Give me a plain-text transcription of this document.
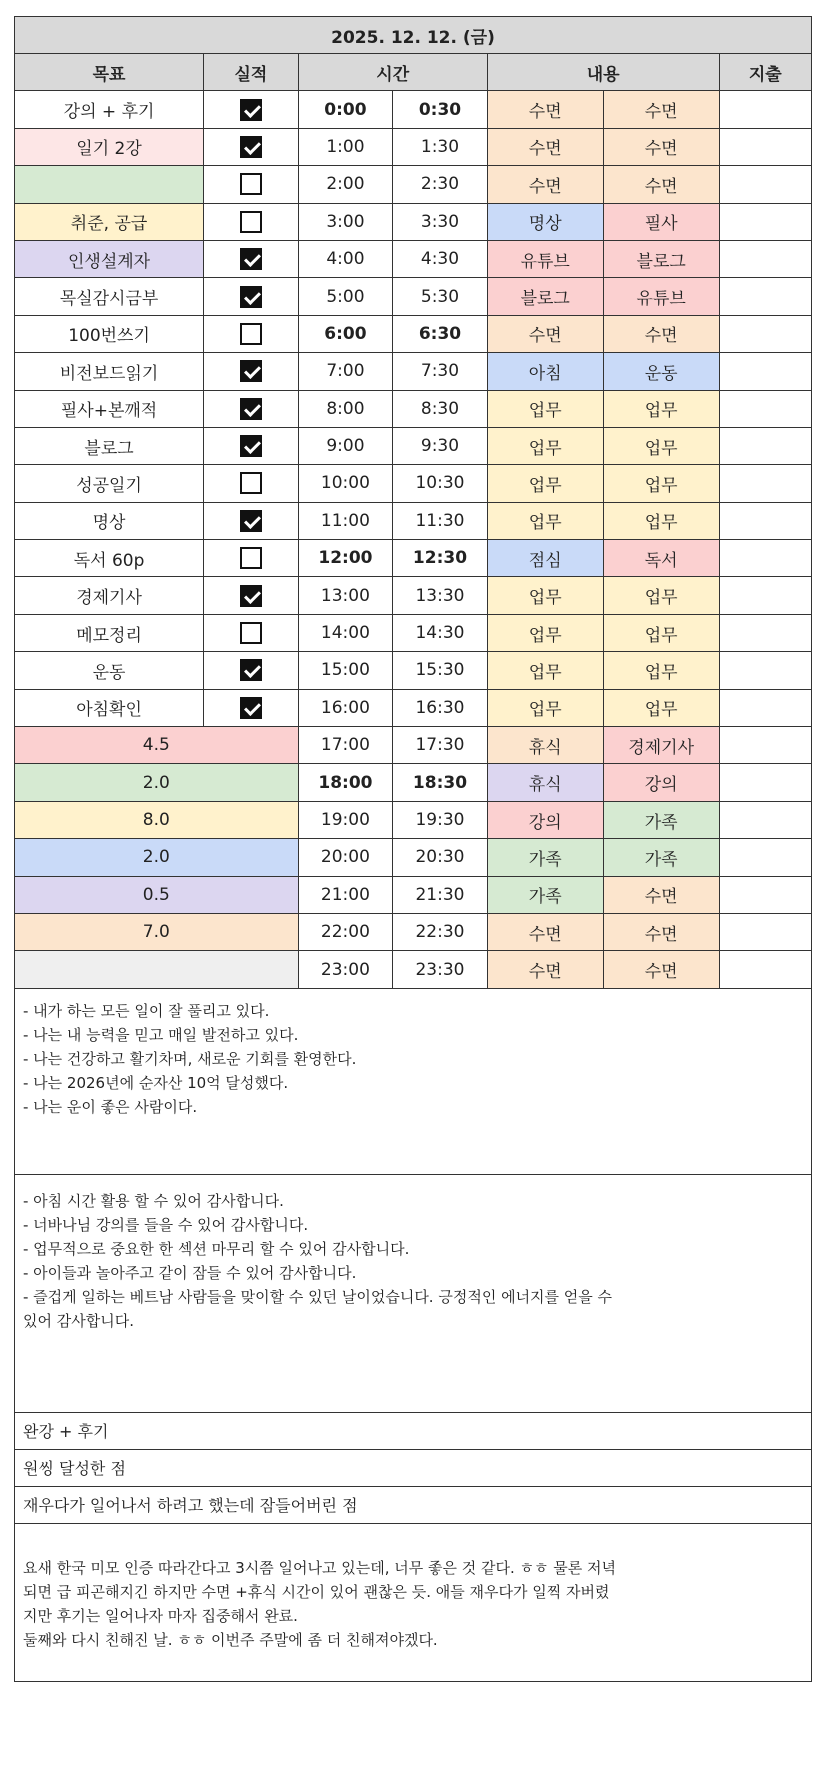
2025. 12. 12. (금)						
목표	실적	시간		내용		지출
강의 + 후기		0:00	0:30	수면	수면	
일기 2강		1:00	1:30	수면	수면	
		2:00	2:30	수면	수면	
취준, 공급		3:00	3:30	명상	필사	
인생설계자		4:00	4:30	유튜브	블로그	
목실감시금부		5:00	5:30	블로그	유튜브	
100번쓰기		6:00	6:30	수면	수면	
비전보드읽기		7:00	7:30	아침	운동	
필사+본깨적		8:00	8:30	업무	업무	
블로그		9:00	9:30	업무	업무	
성공일기		10:00	10:30	업무	업무	
명상		11:00	11:30	업무	업무	
독서 60p		12:00	12:30	점심	독서	
경제기사		13:00	13:30	업무	업무	
메모정리		14:00	14:30	업무	업무	
운동		15:00	15:30	업무	업무	
아침확인		16:00	16:30	업무	업무	
4.5		17:00	17:30	휴식	경제기사	
2.0		18:00	18:30	휴식	강의	
8.0		19:00	19:30	강의	가족	
2.0		20:00	20:30	가족	가족	
0.5		21:00	21:30	가족	수면	
7.0		22:00	22:30	수면	수면	
		23:00	23:30	수면	수면	
- 내가 하는 모든 일이 잘 풀리고 있다.
- 나는 내 능력을 믿고 매일 발전하고 있다.
- 나는 건강하고 활기차며, 새로운 기회를 환영한다.
- 나는 2026년에 순자산 10억 달성했다.
- 나는 운이 좋은 사람이다.
- 아침 시간 활용 할 수 있어 감사합니다.
- 너바나님 강의를 들을 수 있어 감사합니다.
- 업무적으로 중요한 한 섹션 마무리 할 수 있어 감사합니다.
- 아이들과 놀아주고 같이 잠들 수 있어 감사합니다.
- 즐겁게 일하는 베트남 사람들을 맞이할 수 있던 날이었습니다. 긍정적인 에너지를 얻을 수
있어 감사합니다.
완강 + 후기
원씽 달성한 점
재우다가 일어나서 하려고 했는데 잠들어버린 점
요새 한국 미모 인증 따라간다고 3시쯤 일어나고 있는데, 너무 좋은 것 같다. ㅎㅎ 물론 저녁
되면 급 피곤해지긴 하지만 수면 +휴식 시간이 있어 괜찮은 듯. 애들 재우다가 일찍 자버렸
지만 후기는 일어나자 마자 집중해서 완료.
둘째와 다시 친해진 날. ㅎㅎ 이번주 주말에 좀 더 친해져야겠다.
